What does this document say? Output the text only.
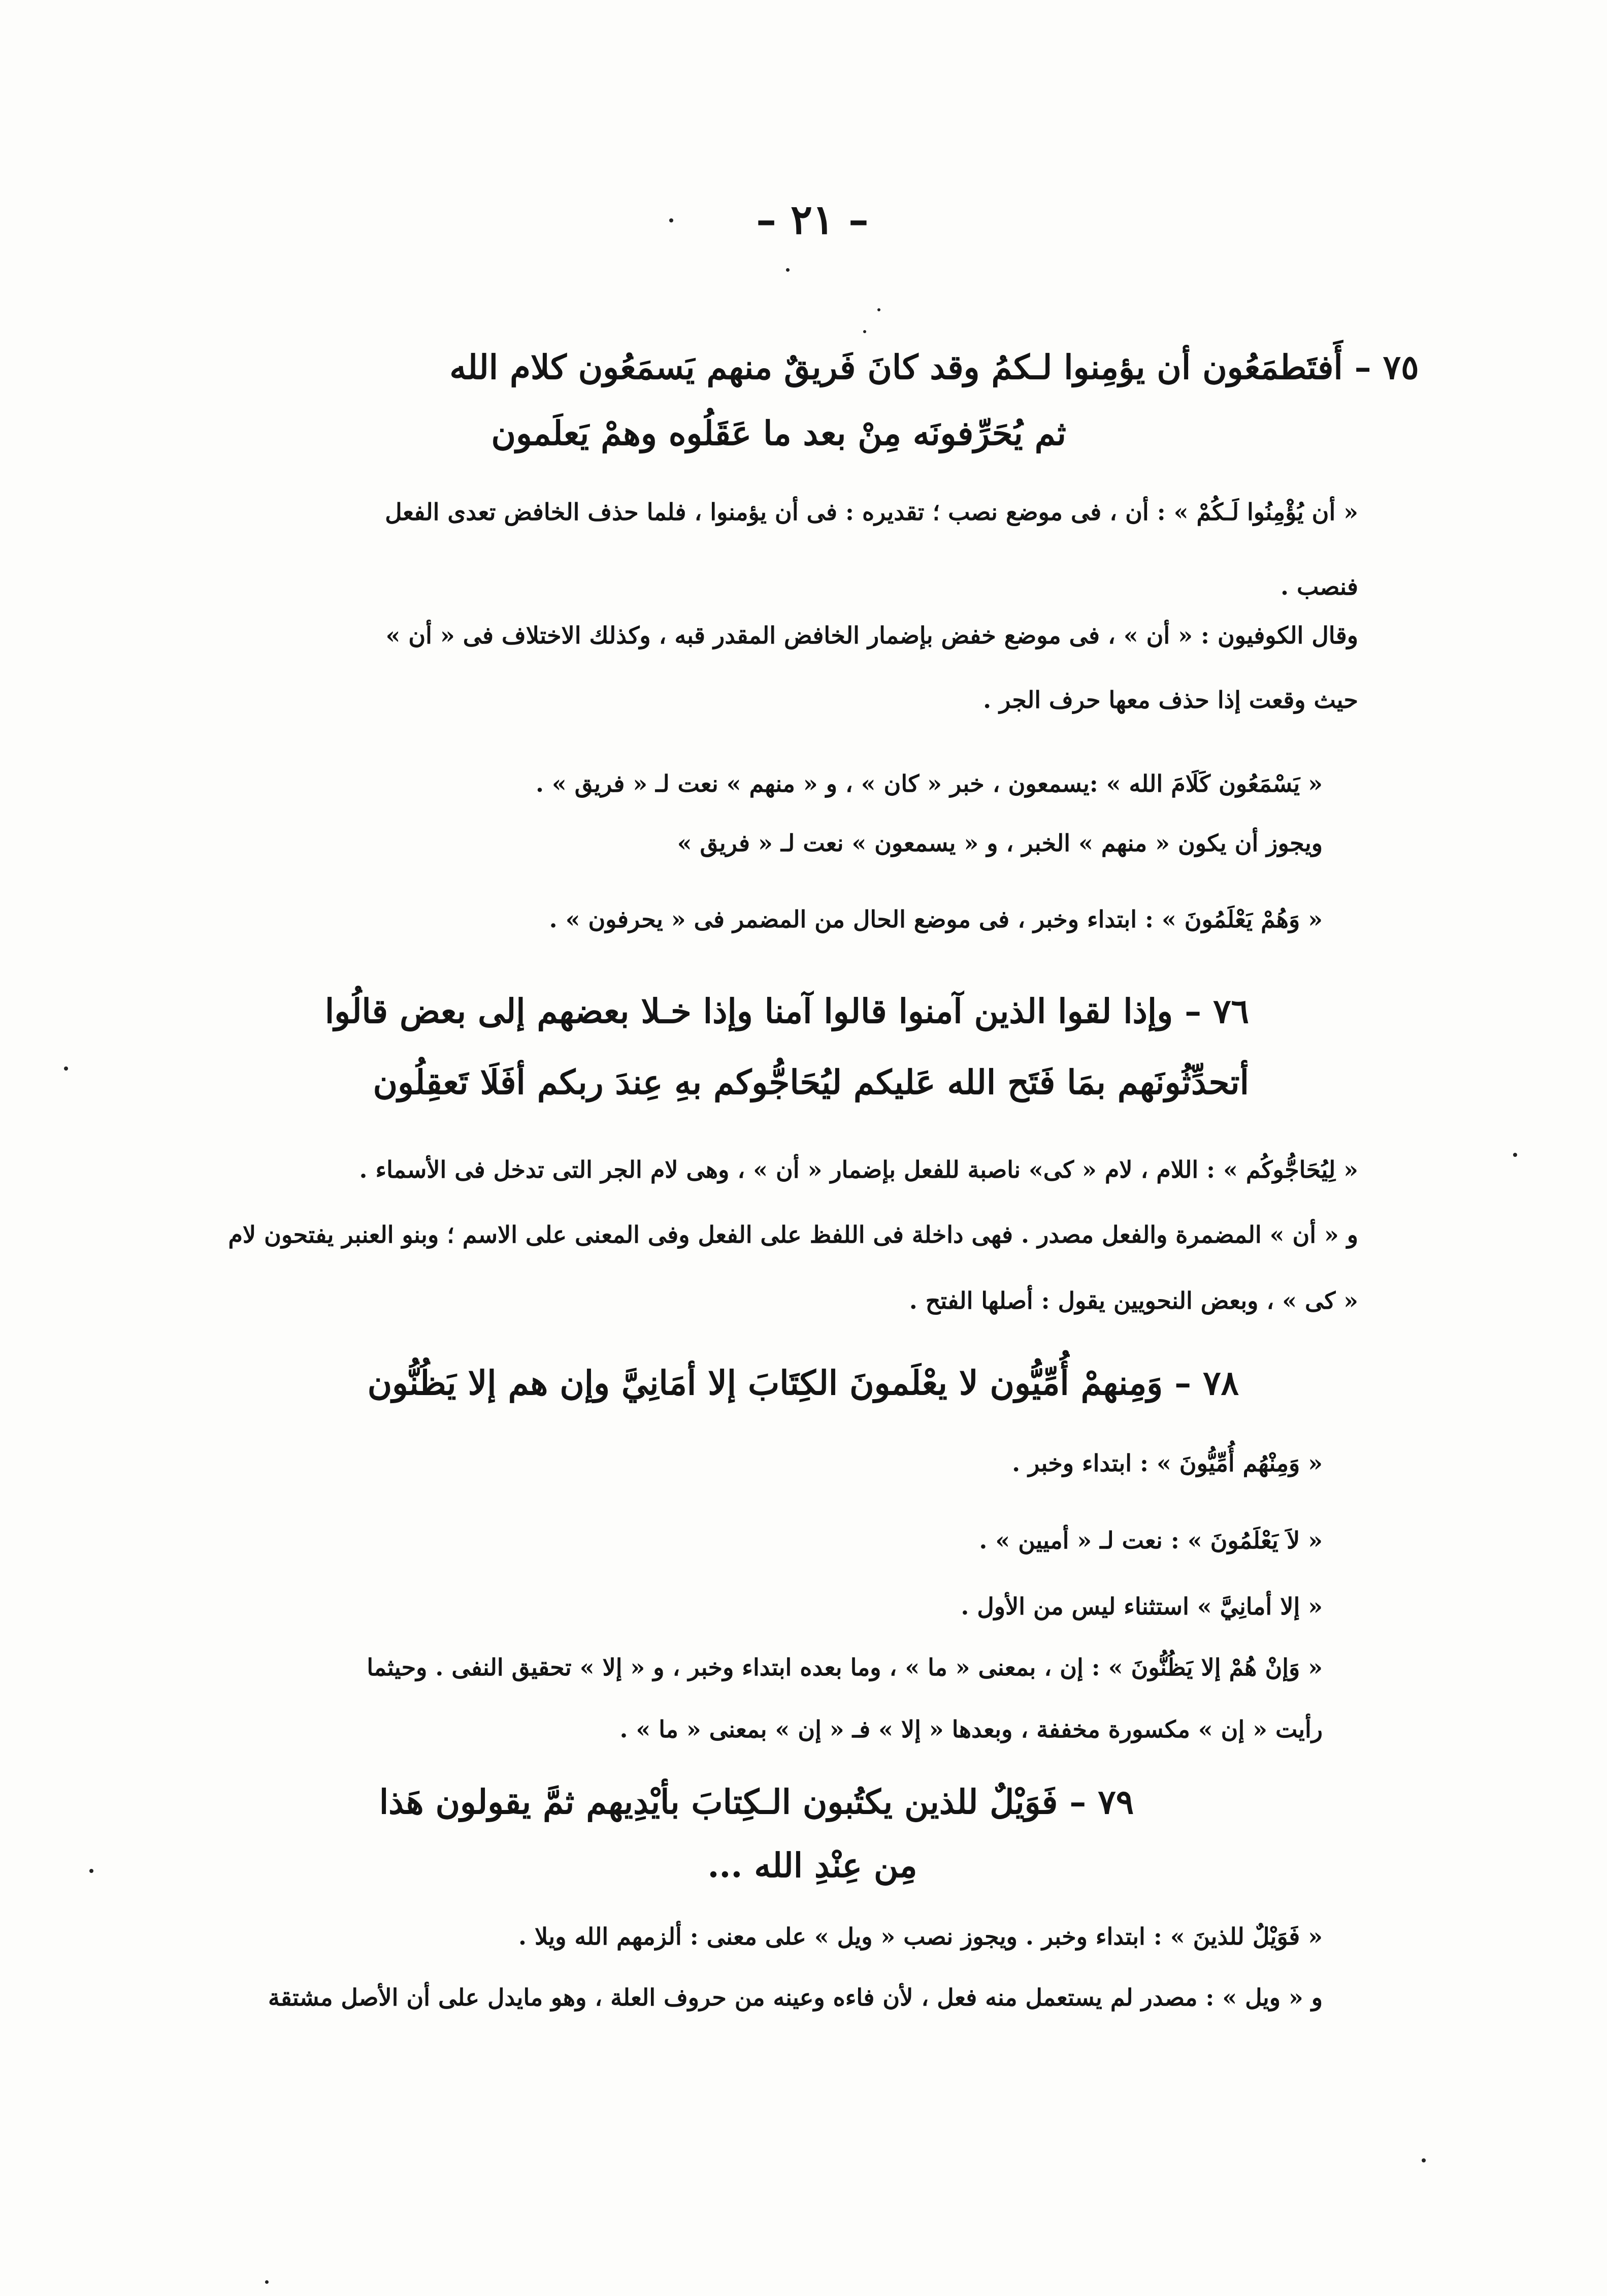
– ٢١ –
٧٥ – أَفتَطمَعُون أن يؤمِنوا لـكمُ وقد كانَ فَريقٌ منهم يَسمَعُون كلام الله
ثم يُحَرِّفونَه مِنْ بعد ما عَقَلُوه وهمْ يَعلَمون
« أن يُؤْمِنُوا لَـكُمْ » : أن ، فى موضع نصب ؛ تقديره : فى أن يؤمنوا ، فلما حذف الخافض تعدى الفعل
فنصب .
وقال الكوفيون : « أن » ، فى موضع خفض بإضمار الخافض المقدر قبه ، وكذلك الاختلاف فى « أن »
حيث وقعت إذا حذف معها حرف الجر .
« يَسْمَعُون كَلَامَ الله » :يسمعون ، خبر « كان » ، و « منهم » نعت لـ « فريق » .
ويجوز أن يكون « منهم » الخبر ، و « يسمعون » نعت لـ « فريق »
« وَهُمْ يَعْلَمُونَ » : ابتداء وخبر ، فى موضع الحال من المضمر فى « يحرفون » .
٧٦ – وإذا لقوا الذين آمنوا قالوا آمنا وإذا خـلا بعضهم إلى بعض قالُوا
أتحدِّثُونَهم بمَا فَتَح الله عَليكم ليُحَاجُّوكم بهِ عِندَ ربكم أفَلَا تَعقِلُون
« لِيُحَاجُّوكُم » : اللام ، لام « كى» ناصبة للفعل بإضمار « أن » ، وهى لام الجر التى تدخل فى الأسماء .
و « أن » المضمرة والفعل مصدر . فهى داخلة فى اللفظ على الفعل وفى المعنى على الاسم ؛ وبنو العنبر يفتحون لام
« كى » ، وبعض النحويين يقول : أصلها الفتح .
٧٨ – وَمِنهمْ أُمِّيُّون لا يعْلَمونَ الكِتَابَ إلا أمَانِيَّ وإن هم إلا يَظُنُّون
« وَمِنْهُم أُمِّيُّونَ » : ابتداء وخبر .
« لاَ يَعْلَمُونَ » : نعت لـ « أميين » .
« إلا أمانِيَّ » استثناء ليس من الأول .
« وَإنْ هُمْ إلا يَظُنُّونَ » : إن ، بمعنى « ما » ، وما بعده ابتداء وخبر ، و « إلا » تحقيق النفى . وحيثما
رأيت « إن » مكسورة مخففة ، وبعدها « إلا » فـ « إن » بمعنى « ما » .
٧٩ – فَوَيْلٌ للذين يكتُبون الـكِتابَ بأيْدِيهم ثمَّ يقولون هَذا
مِن عِنْدِ الله ...
« فَوَيْلٌ للذينَ » : ابتداء وخبر . ويجوز نصب « ويل » على معنى : ألزمهم الله ويلا .
و « ويل » : مصدر لم يستعمل منه فعل ، لأن فاءه وعينه من حروف العلة ، وهو مايدل على أن الأصل مشتقة
